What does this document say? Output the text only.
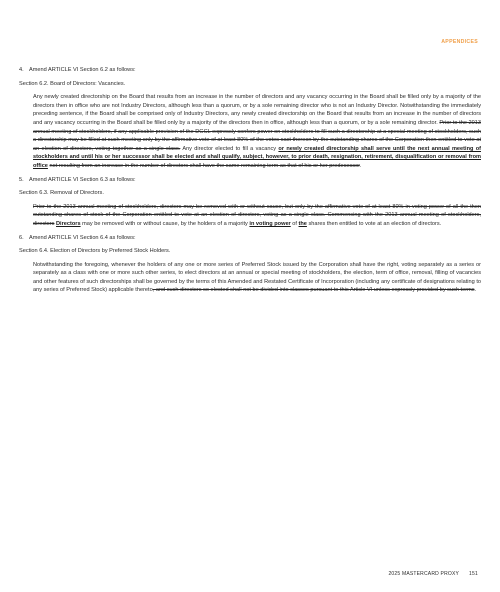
APPENDICES
4. Amend ARTICLE VI Section 6.2 as follows:
Section 6.2. Board of Directors: Vacancies.
Any newly created directorship on the Board that results from an increase in the number of directors and any vacancy occurring in the Board shall be filled only by a majority of the directors then in office who are not Industry Directors, although less than a quorum, or by a sole remaining director who is not an Industry Director. Notwithstanding the immediately preceding sentence, if the Board shall be comprised only of Industry Directors, any newly created directorship on the Board that results from an increase in the number of directors and any vacancy occurring in the Board shall be filled only by a majority of the directors then in office, although less than a quorum, or by a sole remaining director. Prior to the 2013 annual meeting of stockholders, if any applicable provision of the DGCL expressly confers power on stockholders to fill such a directorship at a special meeting of stockholders, such a directorship may be filled at such meeting only by the affirmative vote of at least 80% of the votes cast thereon by the outstanding shares of the Corporation then entitled to vote at an election of directors, voting together as a single class. Any director elected to fill a vacancy or newly created directorship shall serve until the next annual meeting of stockholders and until his or her successor shall be elected and shall qualify, subject, however, to prior death, resignation, retirement, disqualification or removal from office not resulting from an increase in the number of directors shall have the same remaining term as that of his or her predecessor.
5. Amend ARTICLE VI Section 6.3 as follows:
Section 6.3. Removal of Directors.
Prior to the 2013 annual meeting of stockholders, directors may be removed with or without cause, but only by the affirmative vote of at least 80% in voting power of all the then outstanding shares of stock of the Corporation entitled to vote at an election of directors, voting as a single class. Commencing with the 2013 annual meeting of stockholders, directors Directors may be removed with or without cause, by the holders of a majority in voting power of the shares then entitled to vote at an election of directors.
6. Amend ARTICLE VI Section 6.4 as follows:
Section 6.4. Election of Directors by Preferred Stock Holders.
Notwithstanding the foregoing, whenever the holders of any one or more series of Preferred Stock issued by the Corporation shall have the right, voting separately as a series or separately as a class with one or more such other series, to elect directors at an annual or special meeting of stockholders, the election, term of office, removal, filling of vacancies and other features of such directorships shall be governed by the terms of this Amended and Restated Certificate of Incorporation (including any certificate of designations relating to any series of Preferred Stock) applicable thereto, and such directors so elected shall not be divided into classes pursuant to this Article VI unless expressly provided by such terms.
2025 MASTERCARD PROXY 151
